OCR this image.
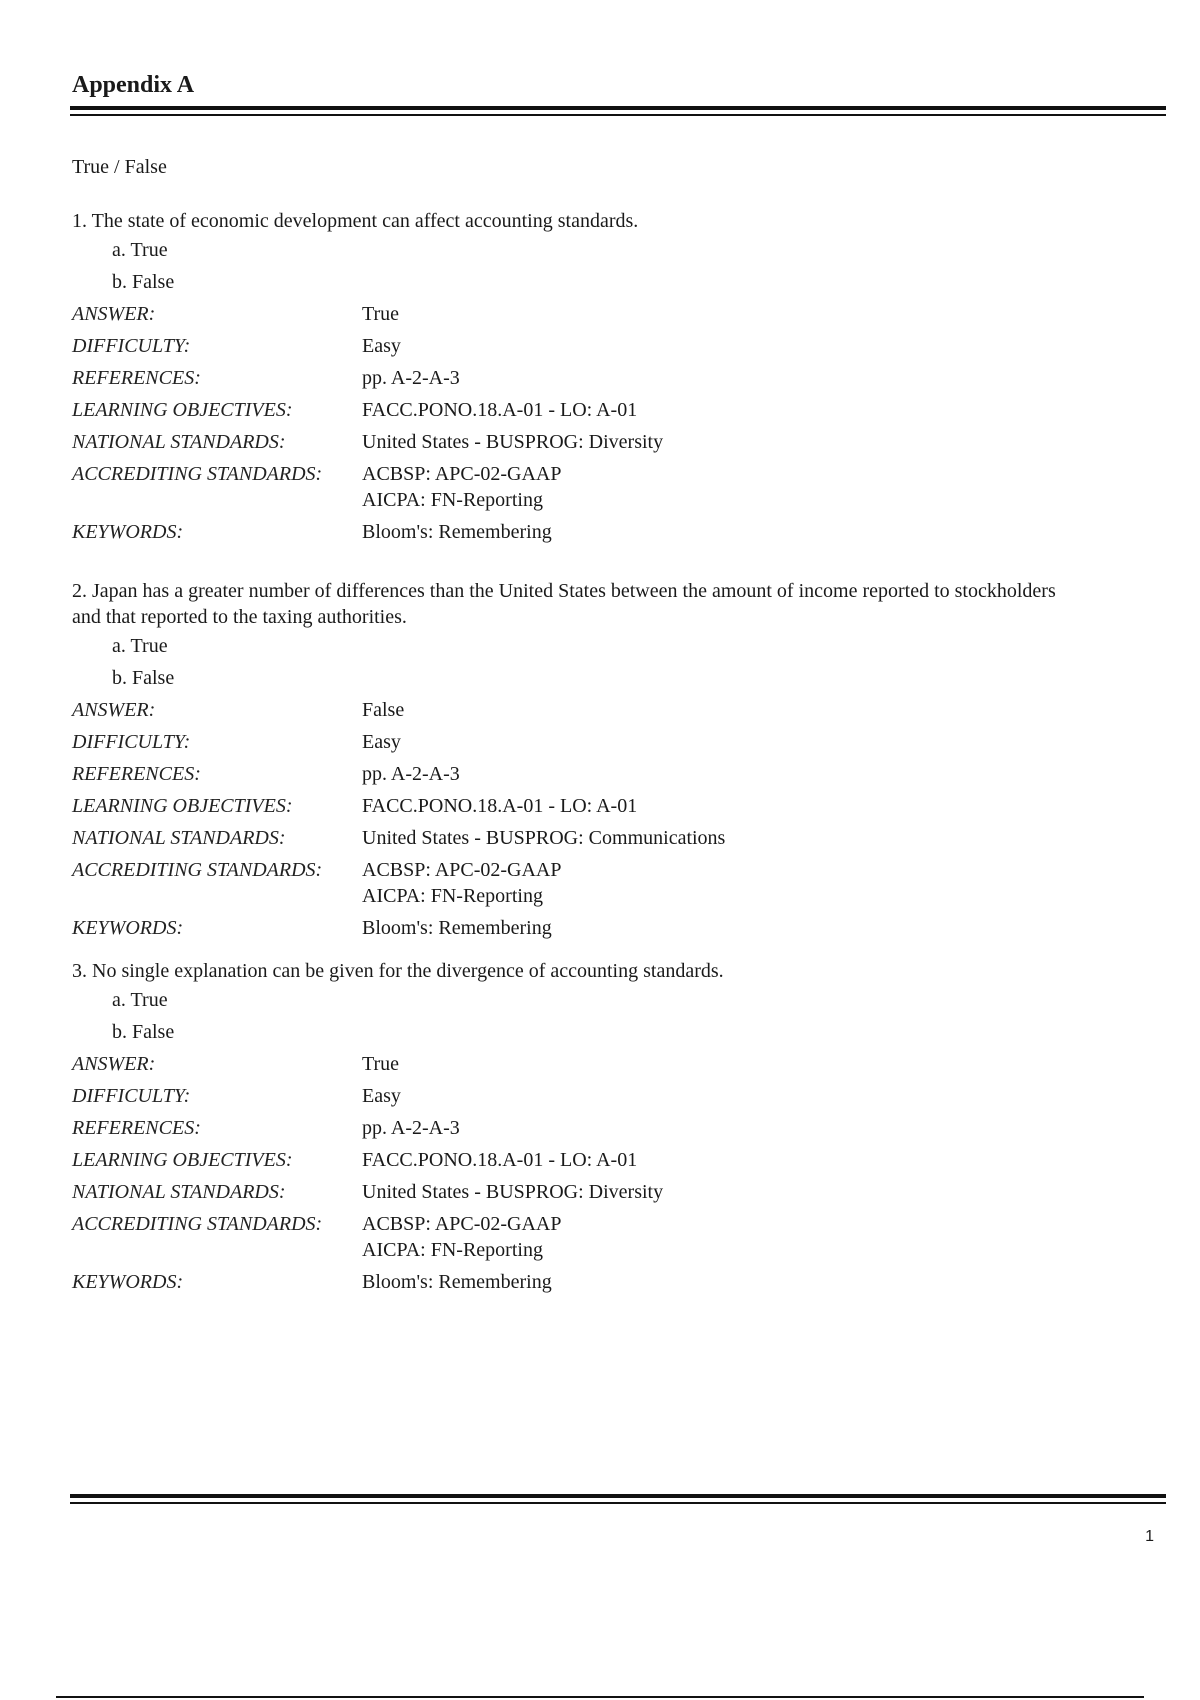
Appendix A
True / False

1. The state of economic development can affect accounting standards.

a. True
b. False
ANSWER:	True
DIFFICULTY:	Easy
REFERENCES:	pp. A-2-A-3
LEARNING OBJECTIVES:	FACC.PONO.18.A-01 - LO: A-01
NATIONAL STANDARDS:	United States - BUSPROG: Diversity
ACCREDITING STANDARDS:	ACBSP: APC-02-GAAP
AICPA: FN-Reporting
KEYWORDS:	Bloom's: Remembering

2. Japan has a greater number of differences than the United States between the amount of income reported to stockholders and that reported to the taxing authorities.

a. True
b. False
ANSWER:	False
DIFFICULTY:	Easy
REFERENCES:	pp. A-2-A-3
LEARNING OBJECTIVES:	FACC.PONO.18.A-01 - LO: A-01
NATIONAL STANDARDS:	United States - BUSPROG: Communications
ACCREDITING STANDARDS:	ACBSP: APC-02-GAAP
AICPA: FN-Reporting
KEYWORDS:	Bloom's: Remembering

3. No single explanation can be given for the divergence of accounting standards.

a. True
b. False
ANSWER:	True
DIFFICULTY:	Easy
REFERENCES:	pp. A-2-A-3
LEARNING OBJECTIVES:	FACC.PONO.18.A-01 - LO: A-01
NATIONAL STANDARDS:	United States - BUSPROG: Diversity
ACCREDITING STANDARDS:	ACBSP: APC-02-GAAP
AICPA: FN-Reporting
KEYWORDS:	Bloom's: Remembering
1
